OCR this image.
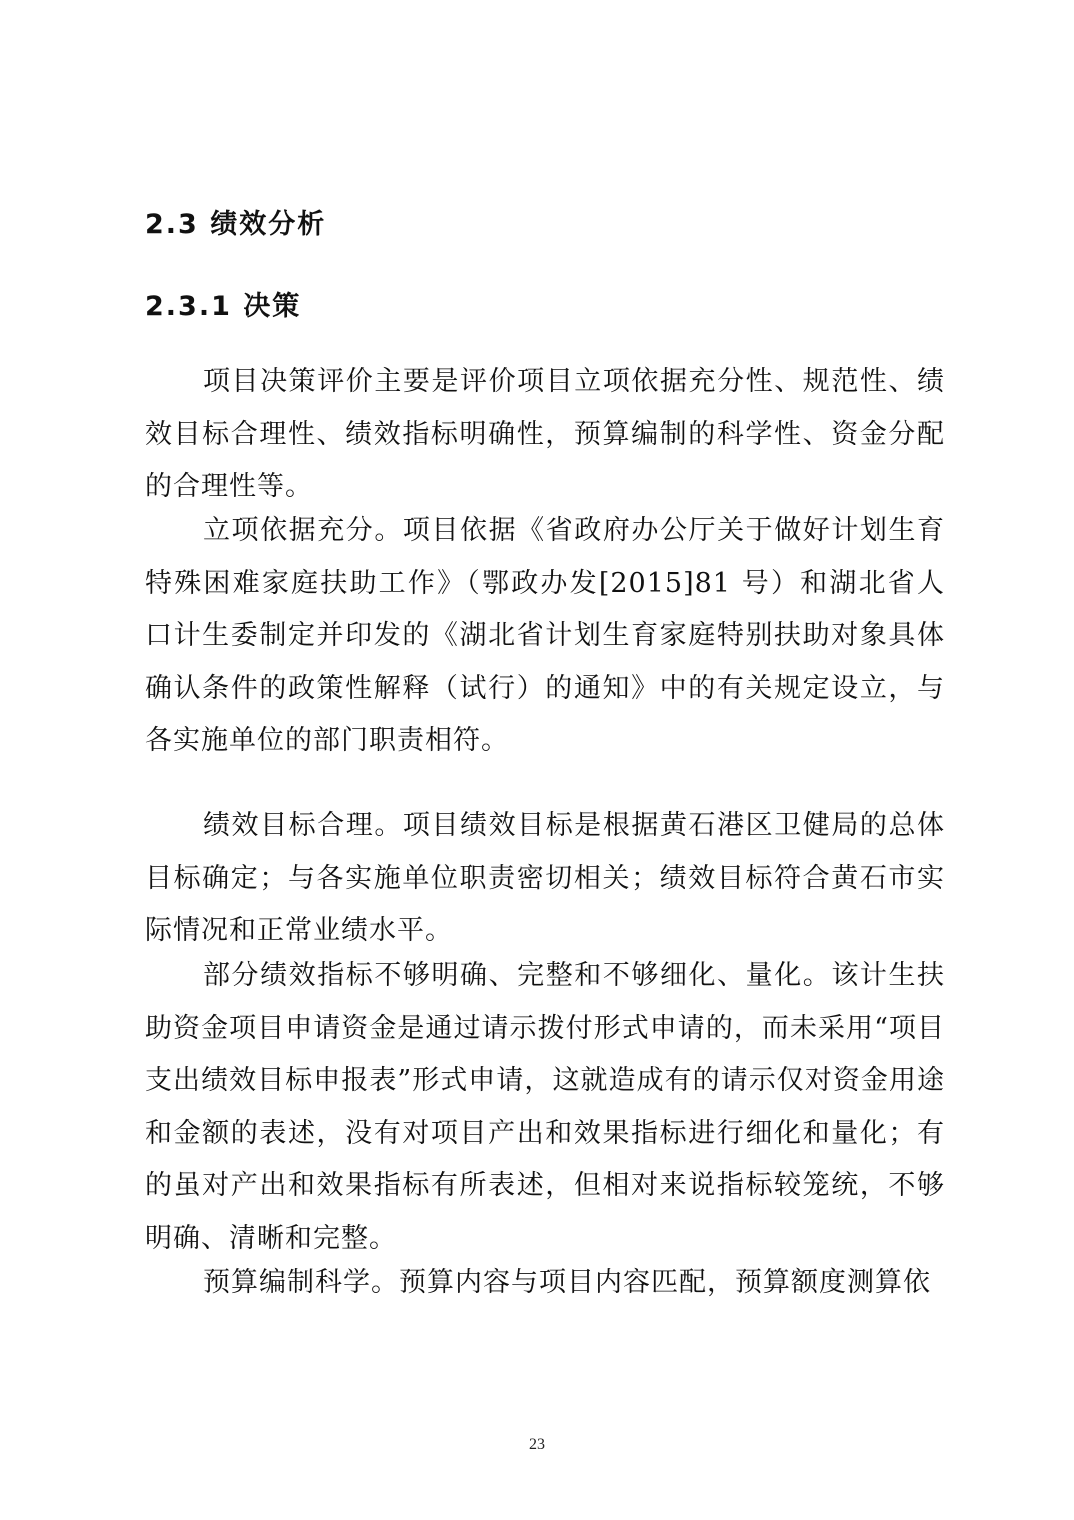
2.3 绩效分析
2.3.1 决策

项目决策评价主要是评价项目立项依据充分性、规范性、绩效目标合理性、绩效指标明确性，预算编制的科学性、资金分配的合理性等。

立项依据充分。项目依据《省政府办公厅关于做好计划生育特殊困难家庭扶助工作》（鄂政办发[2015]81 号）和湖北省人口计生委制定并印发的《湖北省计划生育家庭特别扶助对象具体确认条件的政策性解释（试行）的通知》中的有关规定设立，与各实施单位的部门职责相符。

绩效目标合理。项目绩效目标是根据黄石港区卫健局的总体目标确定；与各实施单位职责密切相关；绩效目标符合黄石市实际情况和正常业绩水平。

部分绩效指标不够明确、完整和不够细化、量化。该计生扶助资金项目申请资金是通过请示拨付形式申请的，而未采用“项目支出绩效目标申报表”形式申请，这就造成有的请示仅对资金用途和金额的表述，没有对项目产出和效果指标进行细化和量化；有的虽对产出和效果指标有所表述，但相对来说指标较笼统，不够明确、清晰和完整。

预算编制科学。预算内容与项目内容匹配，预算额度测算依

23
